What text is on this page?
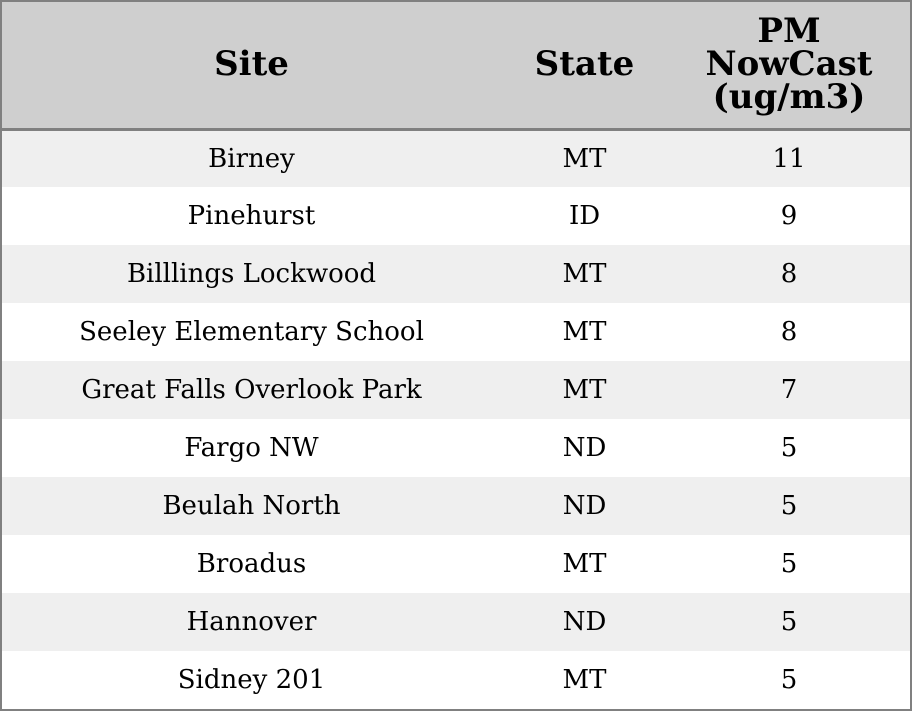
Site	State	PM NowCast (ug/m3)
Birney	MT	11
Pinehurst	ID	9
Billlings Lockwood	MT	8
Seeley Elementary School	MT	8
Great Falls Overlook Park	MT	7
Fargo NW	ND	5
Beulah North	ND	5
Broadus	MT	5
Hannover	ND	5
Sidney 201	MT	5
